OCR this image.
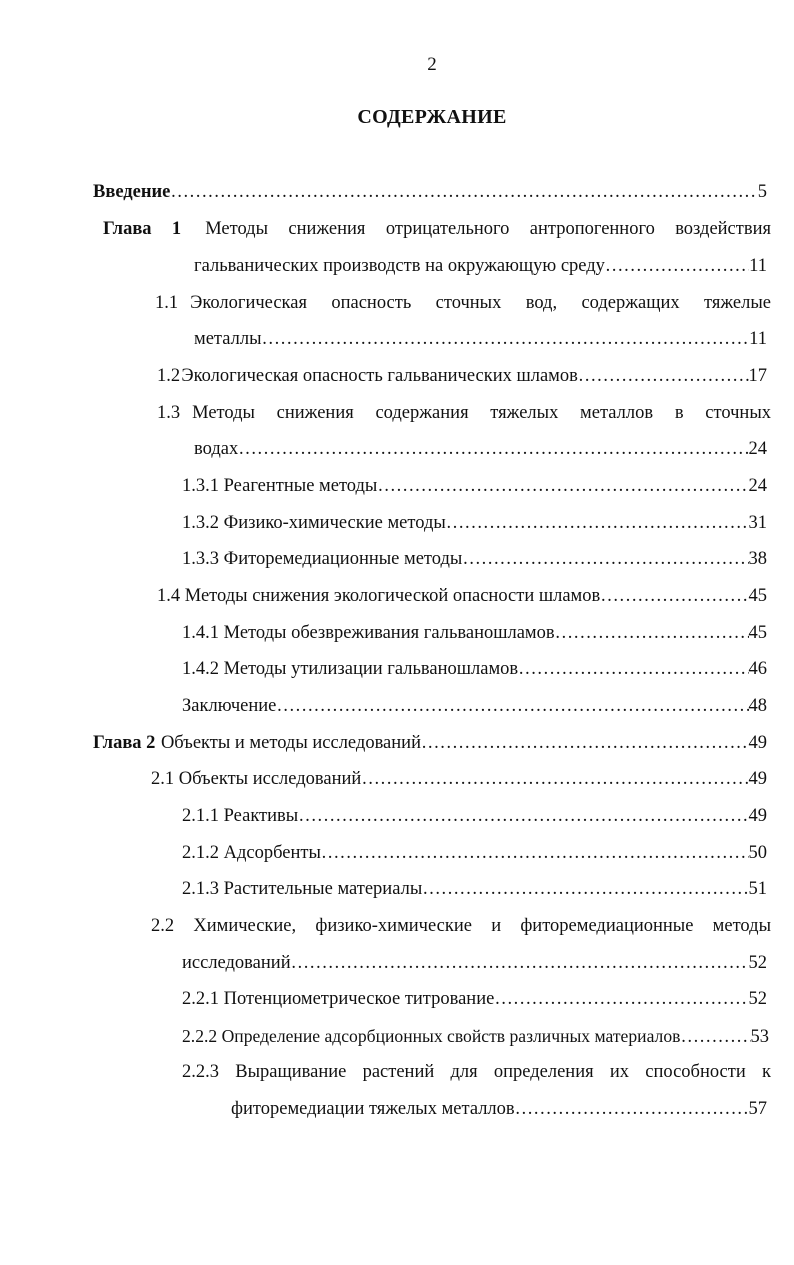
2
СОДЕРЖАНИЕ
Введение …………………………………………………………………………………………………………………………………………………………	5
Глава 1 Методы снижения отрицательного антропогенного воздействия
гальванических производств на окружающую среду …………………………………………………………………………………………………………………………………………………………	11
1.1 Экологическая опасность сточных вод, содержащих тяжелые
металлы …………………………………………………………………………………………………………………………………………………………	11
1.2 Экологическая опасность гальванических шламов …………………………………………………………………………………………………………………………………………………………	17
1.3 Методы снижения содержания тяжелых металлов в сточных
водах …………………………………………………………………………………………………………………………………………………………	24
1.3.1 Реагентные методы …………………………………………………………………………………………………………………………………………………………	24
1.3.2 Физико-химические методы …………………………………………………………………………………………………………………………………………………………	31
1.3.3 Фиторемедиационные методы …………………………………………………………………………………………………………………………………………………………	38
1.4 Методы снижения экологической опасности шламов …………………………………………………………………………………………………………………………………………………………	45
1.4.1 Методы обезвреживания гальваношламов …………………………………………………………………………………………………………………………………………………………	45
1.4.2 Методы утилизации гальваношламов …………………………………………………………………………………………………………………………………………………………	46
Заключение …………………………………………………………………………………………………………………………………………………………	48
Глава 2 Объекты и методы исследований …………………………………………………………………………………………………………………………………………………………	49
2.1 Объекты исследований …………………………………………………………………………………………………………………………………………………………	49
2.1.1 Реактивы …………………………………………………………………………………………………………………………………………………………	49
2.1.2 Адсорбенты …………………………………………………………………………………………………………………………………………………………	50
2.1.3 Растительные материалы …………………………………………………………………………………………………………………………………………………………	51
2.2 Химические, физико-химические и фиторемедиационные методы
исследований …………………………………………………………………………………………………………………………………………………………	52
2.2.1 Потенциометрическое титрование …………………………………………………………………………………………………………………………………………………………	52
2.2.2 Определение адсорбционных свойств различных материалов …………………………………………………………………………………………………………………………………………………………	53
2.2.3 Выращивание растений для определения их способности к
фиторемедиации тяжелых металлов …………………………………………………………………………………………………………………………………………………………	57
